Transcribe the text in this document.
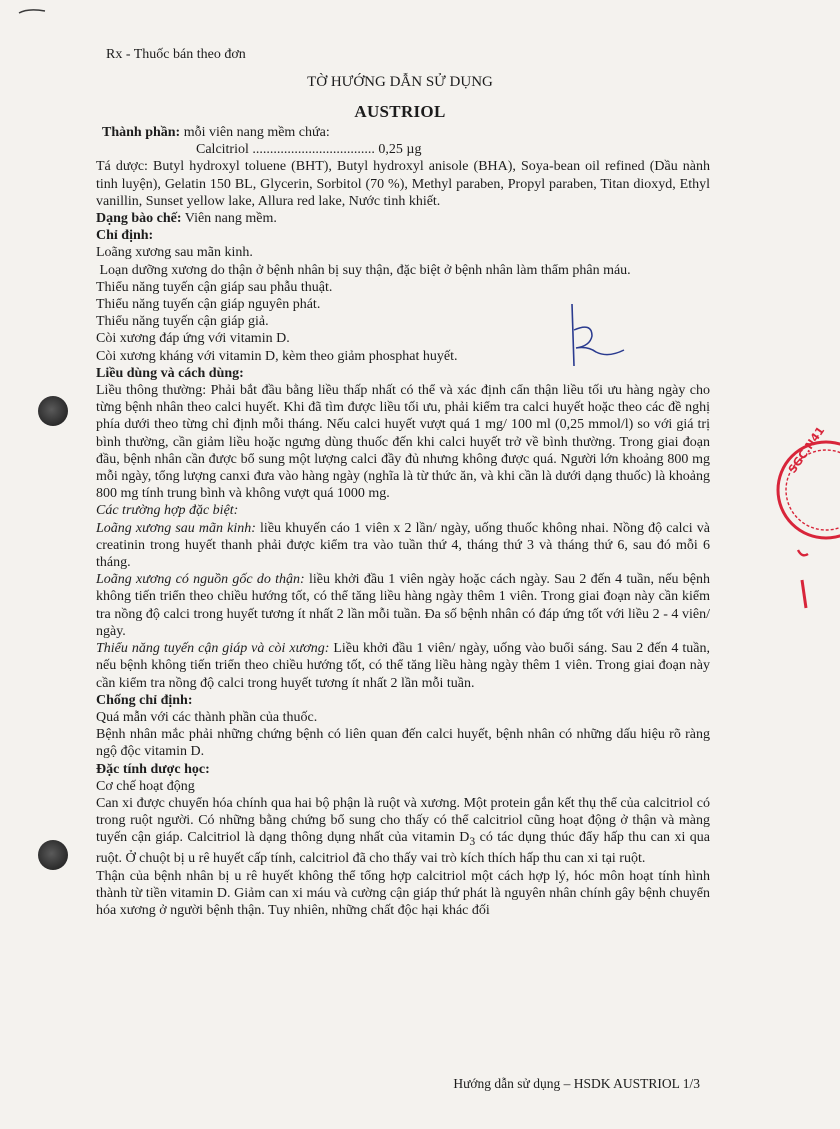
Rx - Thuốc bán theo đơn
TỜ HƯỚNG DẪN SỬ DỤNG
AUSTRIOL

Thành phần: mỗi viên nang mềm chứa:

Calcitriol ................................... 0,25 µg

Tá dược: Butyl hydroxyl toluene (BHT), Butyl hydroxyl anisole (BHA), Soya-bean oil refined (Dầu nành tinh luyện), Gelatin 150 BL, Glycerin, Sorbitol (70 %), Methyl paraben, Propyl paraben, Titan dioxyd, Ethyl vanillin, Sunset yellow lake, Allura red lake, Nước tinh khiết.

Dạng bào chế: Viên nang mềm.

Chỉ định:

Loãng xương sau mãn kinh.

Loạn dưỡng xương do thận ở bệnh nhân bị suy thận, đặc biệt ở bệnh nhân làm thẩm phân máu.

Thiểu năng tuyến cận giáp sau phẫu thuật.

Thiểu năng tuyến cận giáp nguyên phát.

Thiểu năng tuyến cận giáp giả.

Còi xương đáp ứng với vitamin D.

Còi xương kháng với vitamin D, kèm theo giảm phosphat huyết.

Liều dùng và cách dùng:

Liều thông thường: Phải bắt đầu bằng liều thấp nhất có thể và xác định cẩn thận liều tối ưu hàng ngày cho từng bệnh nhân theo calci huyết. Khi đã tìm được liều tối ưu, phải kiểm tra calci huyết hoặc theo các đề nghị phía dưới theo từng chỉ định mỗi tháng. Nếu calci huyết vượt quá 1 mg/ 100 ml (0,25 mmol/l) so với giá trị bình thường, cần giảm liều hoặc ngưng dùng thuốc đến khi calci huyết trở về bình thường. Trong giai đoạn đầu, bệnh nhân cần được bổ sung một lượng calci đầy đủ nhưng không được quá. Người lớn khoảng 800 mg mỗi ngày, tổng lượng canxi đưa vào hàng ngày (nghĩa là từ thức ăn, và khi cần là dưới dạng thuốc) là khoảng 800 mg tính trung bình và không vượt quá 1000 mg.

Các trường hợp đặc biệt:

Loãng xương sau mãn kinh: liều khuyến cáo 1 viên x 2 lần/ ngày, uống thuốc không nhai. Nồng độ calci và creatinin trong huyết thanh phải được kiểm tra vào tuần thứ 4, tháng thứ 3 và tháng thứ 6, sau đó mỗi 6 tháng.

Loãng xương có nguồn gốc do thận: liều khởi đầu 1 viên ngày hoặc cách ngày. Sau 2 đến 4 tuần, nếu bệnh không tiến triển theo chiều hướng tốt, có thể tăng liều hàng ngày thêm 1 viên. Trong giai đoạn này cần kiểm tra nồng độ calci trong huyết tương ít nhất 2 lần mỗi tuần. Đa số bệnh nhân có đáp ứng tốt với liều 2 - 4 viên/ ngày.

Thiểu năng tuyến cận giáp và còi xương: Liều khởi đầu 1 viên/ ngày, uống vào buổi sáng. Sau 2 đến 4 tuần, nếu bệnh không tiến triển theo chiều hướng tốt, có thể tăng liều hàng ngày thêm 1 viên. Trong giai đoạn này cần kiểm tra nồng độ calci trong huyết tương ít nhất 2 lần mỗi tuần.

Chống chỉ định:

Quá mẫn với các thành phần của thuốc.

Bệnh nhân mắc phải những chứng bệnh có liên quan đến calci huyết, bệnh nhân có những dấu hiệu rõ ràng ngộ độc vitamin D.

Đặc tính dược học:

Cơ chế hoạt động

Can xi được chuyển hóa chính qua hai bộ phận là ruột và xương. Một protein gắn kết thụ thể của calcitriol có trong ruột người. Có những bằng chứng bổ sung cho thấy có thể calcitriol cũng hoạt động ở thận và màng tuyến cận giáp. Calcitriol là dạng thông dụng nhất của vitamin $D_3$ có tác dụng thúc đẩy hấp thu can xi qua ruột. Ở chuột bị u rê huyết cấp tính, calcitriol đã cho thấy vai trò kích thích hấp thu can xi tại ruột.

Thận của bệnh nhân bị u rê huyết không thể tổng hợp calcitriol một cách hợp lý, hóc môn hoạt tính hình thành từ tiền vitamin D. Giảm can xi máu và cường cận giáp thứ phát là nguyên nhân chính gây bệnh chuyển hóa xương ở người bệnh thận. Tuy nhiên, những chất độc hại khác đối

Hướng dẫn sử dụng – HSDK AUSTRIOL 1/3
SGC.N41
